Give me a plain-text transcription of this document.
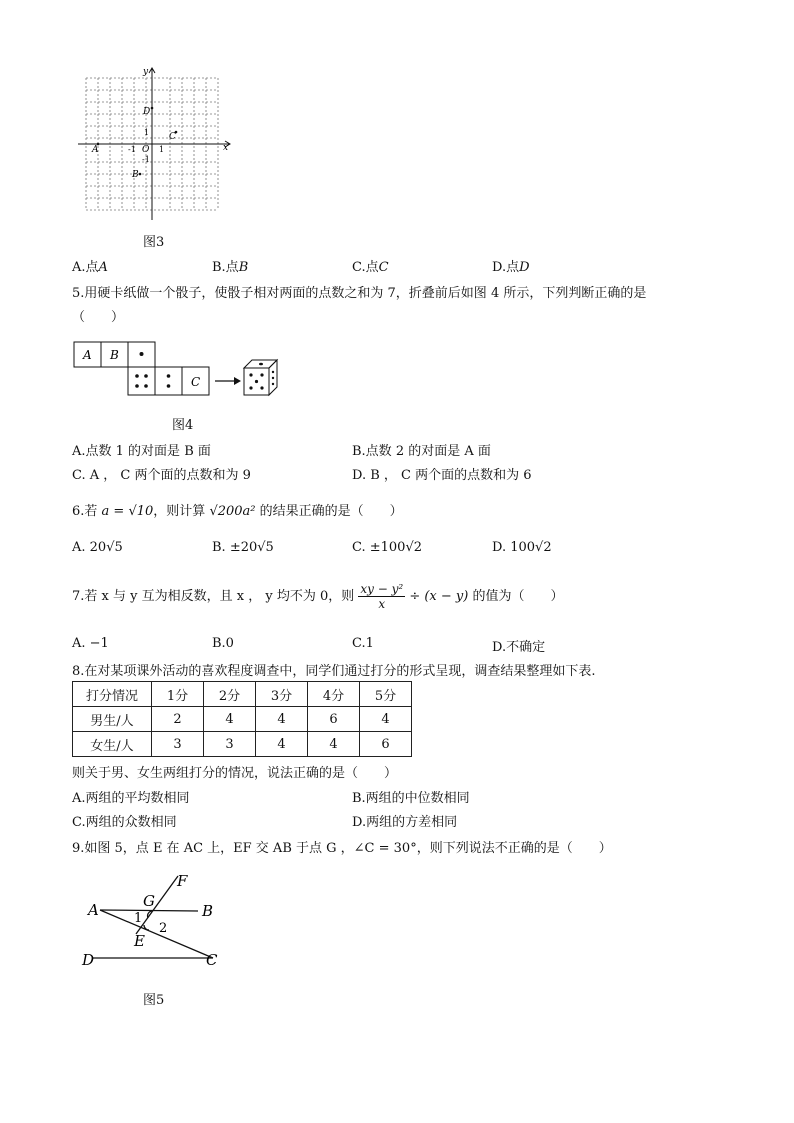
x
y
O 1
-1
1
-1
A
B
C
D
图3
A.点A	B.点B	C.点C	D.点D
5.用硬卡纸做一个骰子，使骰子相对两面的点数之和为 7，折叠前后如图 4 所示，下列判断正确的是
（　　）
A B
C
图4
A.点数 1 的对面是 B 面	B.点数 2 的对面是 A 面
C. A ， C 两个面的点数和为 9	D. B ， C 两个面的点数和为 6
6.若 a = √10，则计算 √200a² 的结果正确的是（　　）
A. 20√5	B. ±20√5	C. ±100√2	D. 100√2
7.若 x 与 y 互为相反数，且 x ， y 均不为 0，则 $\frac{\text{xy − y²}}{x} \div (x - y)$ 的值为（　　）
A. −1	B.0	C.1	D.不确定
8.在对某项课外活动的喜欢程度调查中，同学们通过打分的形式呈现，调查结果整理如下表.
打分情况	1分	2分	3分	4分	5分
男生/人	2	4	4	6	4
女生/人	3	3	4	4	6
则关于男、女生两组打分的情况，说法正确的是（　　）
A.两组的平均数相同	B.两组的中位数相同
C.两组的众数相同	D.两组的方差相同
9.如图 5，点 E 在 AC 上，EF 交 AB 于点 G ，∠C = 30°，则下列说法不正确的是（　　）
A	B
C
D
E
F
G
1
2
图5
